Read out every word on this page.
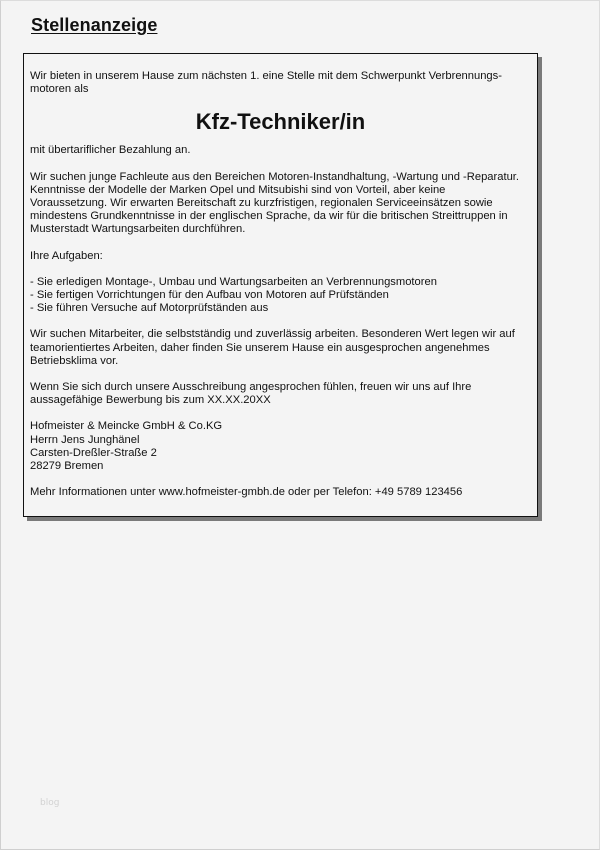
Stellenanzeige

Wir bieten in unserem Hause zum nächsten 1. eine Stelle mit dem Schwerpunkt Verbrennungs-
motoren als

Kfz-Techniker/in

mit übertariflicher Bezahlung an.

Wir suchen junge Fachleute aus den Bereichen Motoren-Instandhaltung, -Wartung und -Reparatur.
Kenntnisse der Modelle der Marken Opel und Mitsubishi sind von Vorteil, aber keine
Voraussetzung. Wir erwarten Bereitschaft zu kurzfristigen, regionalen Serviceeinsätzen sowie
mindestens Grundkenntnisse in der englischen Sprache, da wir für die britischen Streittruppen in
Musterstadt Wartungsarbeiten durchführen.

Ihre Aufgaben:

- Sie erledigen Montage-, Umbau und Wartungsarbeiten an Verbrennungsmotoren
- Sie fertigen Vorrichtungen für den Aufbau von Motoren auf Prüfständen
- Sie führen Versuche auf Motorprüfständen aus

Wir suchen Mitarbeiter, die selbstständig und zuverlässig arbeiten. Besonderen Wert legen wir auf
teamorientiertes Arbeiten, daher finden Sie unserem Hause ein ausgesprochen angenehmes
Betriebsklima vor.

Wenn Sie sich durch unsere Ausschreibung angesprochen fühlen, freuen wir uns auf Ihre
aussagefähige Bewerbung bis zum XX.XX.20XX

Hofmeister & Meincke GmbH & Co.KG
Herrn Jens Junghänel
Carsten-Dreßler-Straße 2
28279 Bremen

Mehr Informationen unter www.hofmeister-gmbh.de oder per Telefon: +49 5789 123456

blog
